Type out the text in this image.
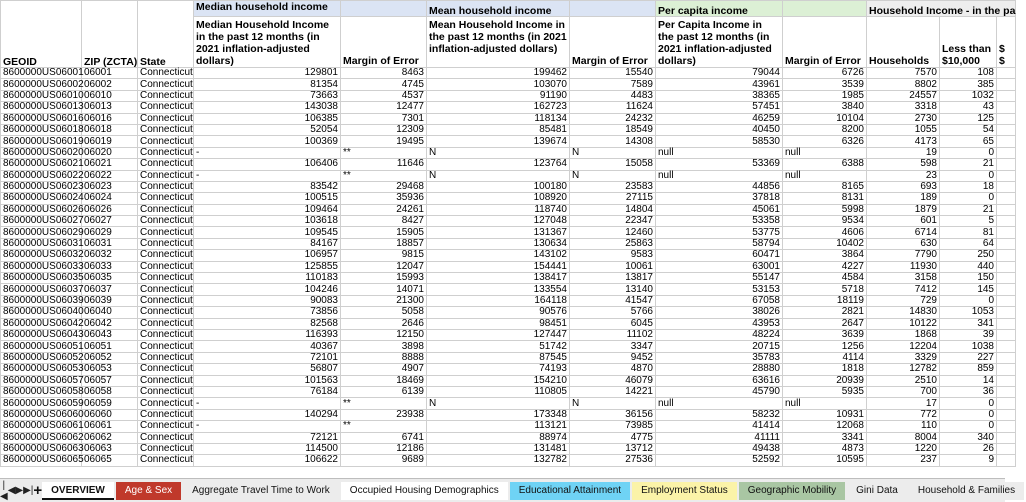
GEOID	ZIP (ZCTA)	State	Median household income		Mean household income		Per capita income		Household Income - in the pa		
			Median Household Income in the past 12 months (in 2021 inflation-adjusted dollars)	Margin of Error	Mean Household Income in the past 12 months (in 2021 inflation-adjusted dollars)	Margin of Error	Per Capita Income in the past 12 months (in 2021 inflation-adjusted dollars)	Margin of Error	Households	Less than $10,000	$ $

8600000US06001	06001	Connecticut	129801	8463	199462	15540	79044	6726	7570	108	
8600000US06002	06002	Connecticut	81354	4745	103070	7589	43961	3539	8802	385	
8600000US06010	06010	Connecticut	73663	4537	91190	4483	38365	1985	24557	1032	
8600000US06013	06013	Connecticut	143038	12477	162723	11624	57451	3840	3318	43	
8600000US06016	06016	Connecticut	106385	7301	118134	24232	46259	10104	2730	125	
8600000US06018	06018	Connecticut	52054	12309	85481	18549	40450	8200	1055	54	
8600000US06019	06019	Connecticut	100369	19495	139674	14308	58530	6326	4173	65	
8600000US06020	06020	Connecticut	-	**	N	N	null	null	19	0	
8600000US06021	06021	Connecticut	106406	11646	123764	15058	53369	6388	598	21	
8600000US06022	06022	Connecticut	-	**	N	N	null	null	23	0	
8600000US06023	06023	Connecticut	83542	29468	100180	23583	44856	8165	693	18	
8600000US06024	06024	Connecticut	100515	35936	108920	27115	37818	8131	189	0	
8600000US06026	06026	Connecticut	109464	24261	118740	14804	45061	5998	1879	21	
8600000US06027	06027	Connecticut	103618	8427	127048	22347	53358	9534	601	5	
8600000US06029	06029	Connecticut	109545	15905	131367	12460	53775	4606	6714	81	
8600000US06031	06031	Connecticut	84167	18857	130634	25863	58794	10402	630	64	
8600000US06032	06032	Connecticut	106957	9815	143102	9583	60471	3864	7790	250	
8600000US06033	06033	Connecticut	125855	12047	154441	10061	63001	4227	11930	440	
8600000US06035	06035	Connecticut	110183	15993	138417	13817	55147	4584	3158	150	
8600000US06037	06037	Connecticut	104246	14071	133554	13140	53153	5718	7412	145	
8600000US06039	06039	Connecticut	90083	21300	164118	41547	67058	18119	729	0	
8600000US06040	06040	Connecticut	73856	5058	90576	5766	38026	2821	14830	1053	
8600000US06042	06042	Connecticut	82568	2646	98451	6045	43953	2647	10122	341	
8600000US06043	06043	Connecticut	116393	12150	127447	11102	48224	3639	1868	39	
8600000US06051	06051	Connecticut	40367	3898	51742	3347	20715	1256	12204	1038	
8600000US06052	06052	Connecticut	72101	8888	87545	9452	35783	4114	3329	227	
8600000US06053	06053	Connecticut	56807	4907	74193	4870	28880	1818	12782	859	
8600000US06057	06057	Connecticut	101563	18469	154210	46079	63616	20939	2510	14	
8600000US06058	06058	Connecticut	76184	6139	110805	14221	45790	5935	700	36	
8600000US06059	06059	Connecticut	-	**	N	N	null	null	17	0	
8600000US06060	06060	Connecticut	140294	23938	173348	36156	58232	10931	772	0	
8600000US06061	06061	Connecticut	-	**	113121	73985	41414	12068	110	0	
8600000US06062	06062	Connecticut	72121	6741	88974	4775	41111	3341	8004	340	
8600000US06063	06063	Connecticut	114500	12186	131481	13712	49438	4873	1220	26	
8600000US06065	06065	Connecticut	106622	9689	132782	27536	52592	10595	237	9	
|◀ ◀ ▶ ▶| + OVERVIEW	Age & Sex	Aggregate Travel Time to Work	Occupied Housing Demographics	Educational Attainment	Employment Status	Geographic Mobility	Gini Data	Household & Families
